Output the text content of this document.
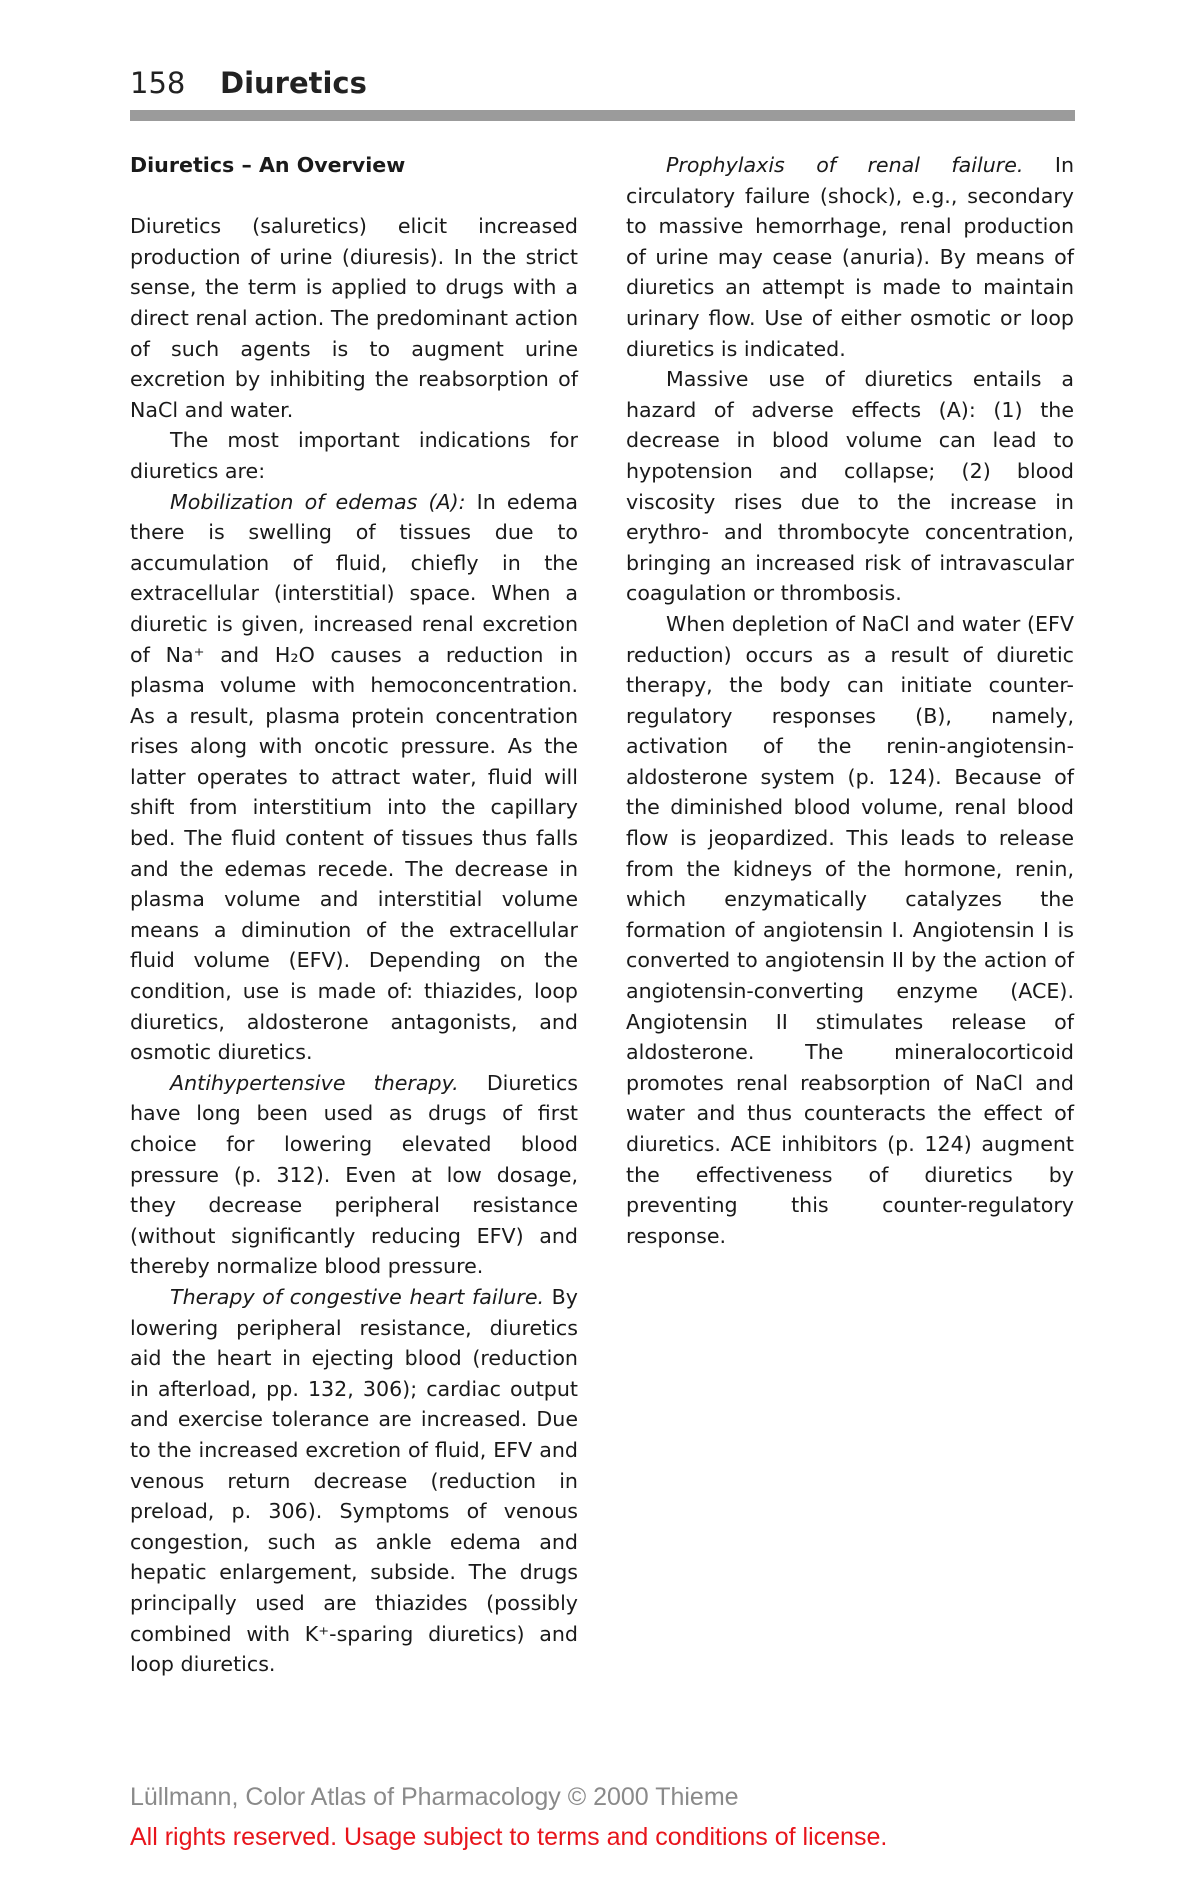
158 Diuretics
Diuretics – An Overview

Diuretics (saluretics) elicit increased production of urine (diuresis). In the strict sense, the term is applied to drugs with a direct renal action. The predominant action of such agents is to augment urine excretion by inhibiting the reabsorption of NaCl and water.

The most important indications for diuretics are:

Mobilization of edemas (A): In edema there is swelling of tissues due to accumulation of fluid, chiefly in the extracellular (interstitial) space. When a diuretic is given, increased renal excretion of Na⁺ and H₂O causes a reduction in plasma volume with hemoconcentration. As a result, plasma protein concentration rises along with oncotic pressure. As the latter operates to attract water, fluid will shift from interstitium into the capillary bed. The fluid content of tissues thus falls and the edemas recede. The decrease in plasma volume and interstitial volume means a diminution of the extracellular fluid volume (EFV). Depending on the condition, use is made of: thiazides, loop diuretics, aldosterone antagonists, and osmotic diuretics.

Antihypertensive therapy. Diuretics have long been used as drugs of first choice for lowering elevated blood pressure (p. 312). Even at low dosage, they decrease peripheral resistance (without significantly reducing EFV) and thereby normalize blood pressure.

Therapy of congestive heart failure. By lowering peripheral resistance, diuretics aid the heart in ejecting blood (reduction in afterload, pp. 132, 306); cardiac output and exercise tolerance are increased. Due to the increased excretion of fluid, EFV and venous return decrease (reduction in preload, p. 306). Symptoms of venous congestion, such as ankle edema and hepatic enlargement, subside. The drugs principally used are thiazides (possibly combined with K⁺-sparing diuretics) and loop diuretics.

Prophylaxis of renal failure. In circulatory failure (shock), e.g., secondary to massive hemorrhage, renal production of urine may cease (anuria). By means of diuretics an attempt is made to maintain urinary flow. Use of either osmotic or loop diuretics is indicated.

Massive use of diuretics entails a hazard of adverse effects (A): (1) the decrease in blood volume can lead to hypotension and collapse; (2) blood viscosity rises due to the increase in erythro- and thrombocyte concentration, bringing an increased risk of intravascular coagulation or thrombosis.

When depletion of NaCl and water (EFV reduction) occurs as a result of diuretic therapy, the body can initiate counter-regulatory responses (B), namely, activation of the renin-angiotensin-aldosterone system (p. 124). Because of the diminished blood volume, renal blood flow is jeopardized. This leads to release from the kidneys of the hormone, renin, which enzymatically catalyzes the formation of angiotensin I. Angiotensin I is converted to angiotensin II by the action of angiotensin-converting enzyme (ACE). Angiotensin II stimulates release of aldosterone. The mineralocorticoid promotes renal reabsorption of NaCl and water and thus counteracts the effect of diuretics. ACE inhibitors (p. 124) augment the effectiveness of diuretics by preventing this counter-regulatory response.

Lüllmann, Color Atlas of Pharmacology © 2000 Thieme
All rights reserved. Usage subject to terms and conditions of license.
